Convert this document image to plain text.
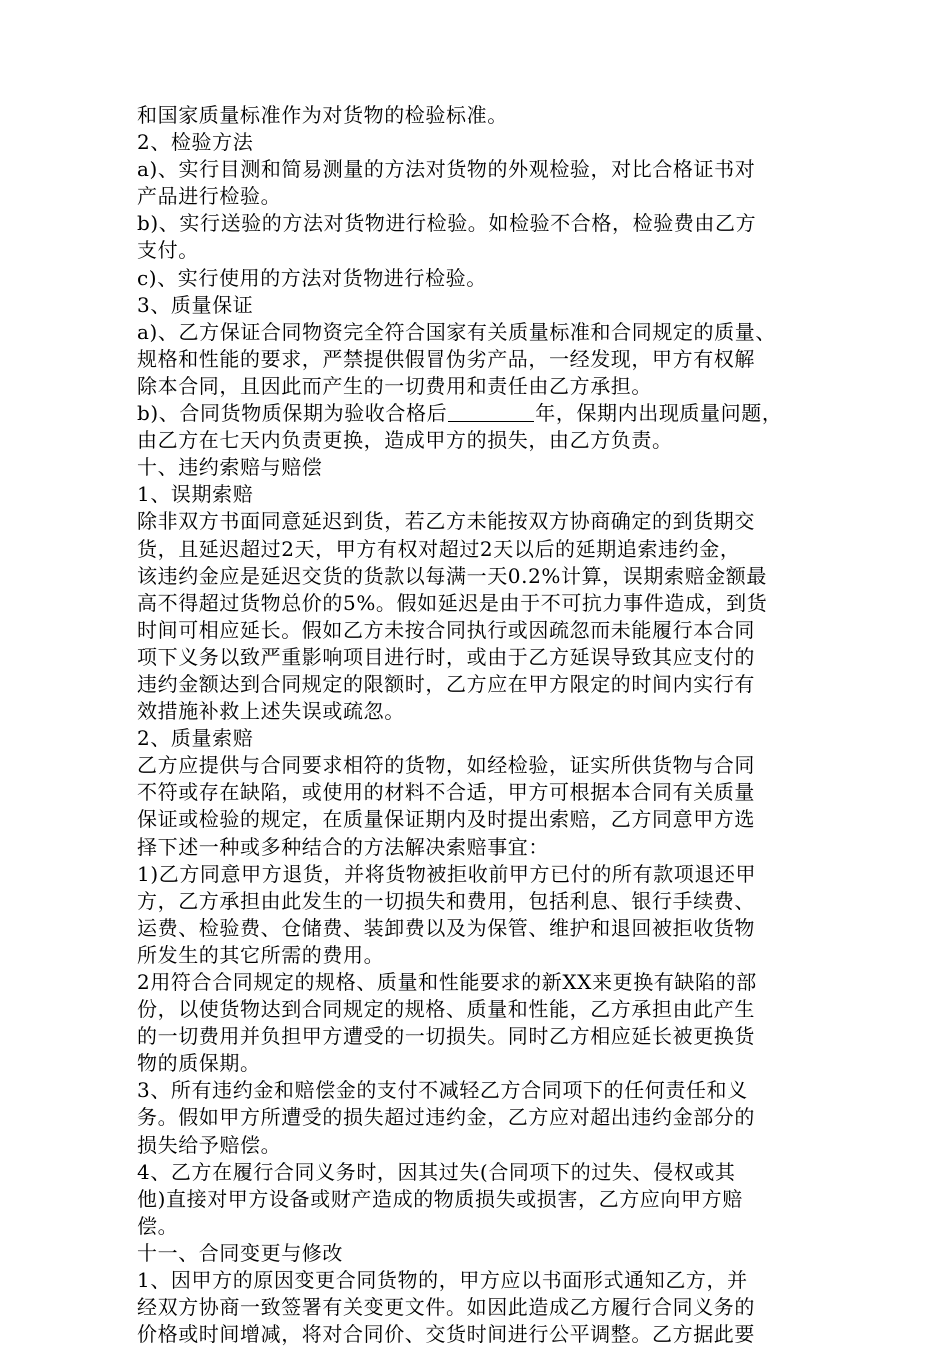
和国家质量标准作为对货物的检验标准。
2、检验方法
a)、实行目测和简易测量的方法对货物的外观检验，对比合格证书对
产品进行检验。
b)、实行送验的方法对货物进行检验。如检验不合格，检验费由乙方
支付。
c)、实行使用的方法对货物进行检验。
3、质量保证
a)、乙方保证合同物资完全符合国家有关质量标准和合同规定的质量、
规格和性能的要求，严禁提供假冒伪劣产品，一经发现，甲方有权解
除本合同，且因此而产生的一切费用和责任由乙方承担。
b)、合同货物质保期为验收合格后	年，保期内出现质量问题，
由乙方在七天内负责更换，造成甲方的损失，由乙方负责。
十、违约索赔与赔偿
1、误期索赔
除非双方书面同意延迟到货，若乙方未能按双方协商确定的到货期交
货，且延迟超过2天，甲方有权对超过2天以后的延期追索违约金，
该违约金应是延迟交货的货款以每满一天0.2%计算，误期索赔金额最
高不得超过货物总价的5%。假如延迟是由于不可抗力事件造成，到货
时间可相应延长。假如乙方未按合同执行或因疏忽而未能履行本合同
项下义务以致严重影响项目进行时，或由于乙方延误导致其应支付的
违约金额达到合同规定的限额时，乙方应在甲方限定的时间内实行有
效措施补救上述失误或疏忽。
2、质量索赔
乙方应提供与合同要求相符的货物，如经检验，证实所供货物与合同
不符或存在缺陷，或使用的材料不合适，甲方可根据本合同有关质量
保证或检验的规定，在质量保证期内及时提出索赔，乙方同意甲方选
择下述一种或多种结合的方法解决索赔事宜：
1)乙方同意甲方退货，并将货物被拒收前甲方已付的所有款项退还甲
方，乙方承担由此发生的一切损失和费用，包括利息、银行手续费、
运费、检验费、仓储费、装卸费以及为保管、维护和退回被拒收货物
所发生的其它所需的费用。
2用符合合同规定的规格、质量和性能要求的新XX来更换有缺陷的部
份，以使货物达到合同规定的规格、质量和性能，乙方承担由此产生
的一切费用并负担甲方遭受的一切损失。同时乙方相应延长被更换货
物的质保期。
3、所有违约金和赔偿金的支付不减轻乙方合同项下的任何责任和义
务。假如甲方所遭受的损失超过违约金，乙方应对超出违约金部分的
损失给予赔偿。
4、乙方在履行合同义务时，因其过失(合同项下的过失、侵权或其
他)直接对甲方设备或财产造成的物质损失或损害，乙方应向甲方赔
偿。
十一、合同变更与修改
1、因甲方的原因变更合同货物的，甲方应以书面形式通知乙方，并
经双方协商一致签署有关变更文件。如因此造成乙方履行合同义务的
价格或时间增减，将对合同价、交货时间进行公平调整。乙方据此要
